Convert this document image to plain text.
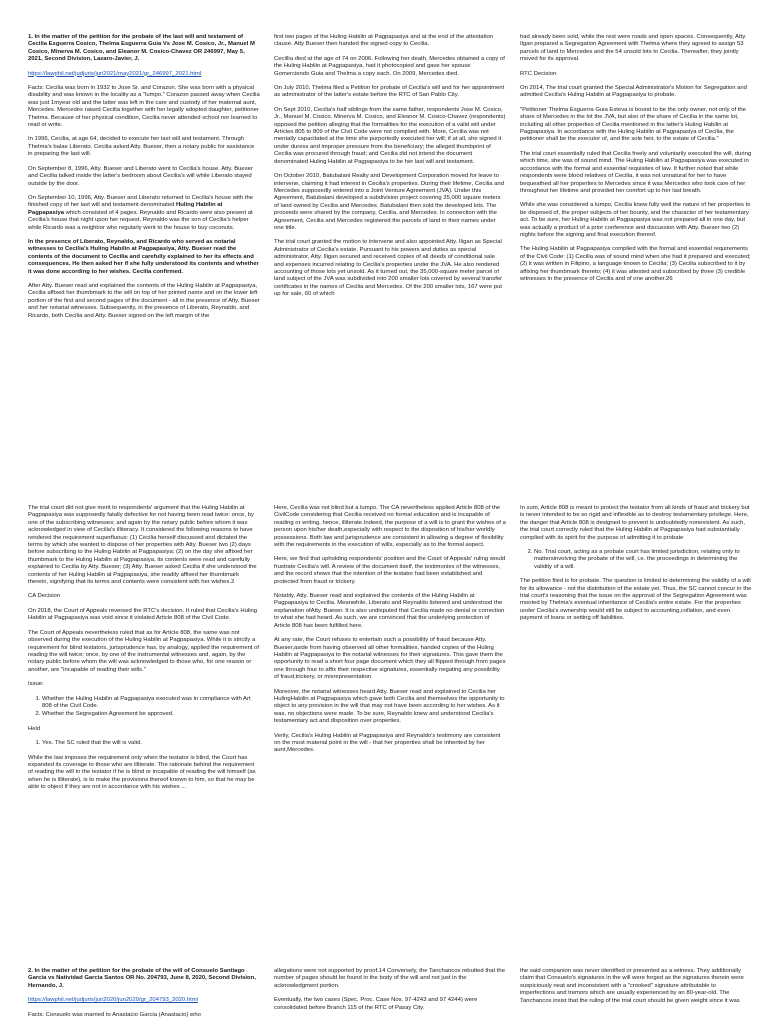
1. In the matter of the petition for the probate of the last will and testament of Cecilia Esguerra Cosico, Thelma Esguerra Guia Vs Jose M. Cosico, Jr., Manuel M Cosico, Minerva M. Cosico, and Eleanor M. Cosico-Chavez OR 246997, May 5, 2021, Second Division, Lazaro-Javier, J.

https://lawphil.net/judjuris/juri2021/may2021/gr_246997_2021.html

Facts: Cecilia was born in 1932 to Jose Sr. and Corazon. She was born with a physical disability and was known in the locality as a "lumpo." Corazon passed away when Cecilia was just 1myear old and the latter was left in the care and custody of her maternal aunt, Mercedes. Mercedes raised Cecilia together with her legally adopted daughter, petitioner Thelma. Because of her physical condition, Cecilia never attended school nor learned to read or write.

In 1996, Cecilia, at age 64, decided to execute her last will and testament. Through Thelma's balae Liberato. Cecilia asked Atty. Bueser, then a notary public for assistance in preparing the last will.

On September 8, 1996, Atty. Bueser and Liberato went to Cecilia's house. Atty. Bueser and Cecilia talked inside the latter's bedroom about Cecilia's will while Liberato stayed outside by the door.

On September 10, 1996, Atty. Bueser and Liberato returned to Cecilia's house with the finished copy of her last will and testament denominated Huling Habilin at Pagpapasiya which consisted of 4 pages. Reynaldo and Ricardo were also present at Cecilia's house that night upon her request. Reynaldo was the son of Cecilia's helper while Ricardo was a neighbor who regularly went to the house to buy coconuts.

In the presence of Liberato, Reynaldo, and Ricardo who served as notarial witnesses to Cecilia's Huling Habilin at Pagpapasiya, Atty. Bueser read the contents of the document to Cecilia and carefully explained to her its effects and consequences. He then asked her if she fully understood its contents and whether it was done according to her wishes. Cecilia confirmed.

After Atty. Bueser read and explained the contents of the Huling Habilin at Pagpapasiya, Cecilia affixed her thumbmark to the will on top of her printed name and on the lower left portion of the first and second pages of the document - all in the presence of Atty. Bueser and her notarial witnesses. Subsequently, in the presence of Liberato, Reynaldo, and Ricardo, both Cecilia and Atty. Bueser signed on the left margin of the

first two pages of the Huling Habilin at Pagpapasiya and at the end of the attestation clause. Atty Bueser then handed the signed copy to Cecilia.

Cecillia died at the age of 74 on 2006. Following her death, Mercedes obtained a copy of the Huling Habilin at Pagpapasiya, had it photocopied and gave her spouse Gomerciendo Guia and Thelma a copy each. On 2009, Mercedes died.

On July 2010, Thelma filed a Petition for probate of Cecilia's will and for her appointment as administrator of the latter's estate before the RTC of San Pablo City.

On Sept 2010, Cecilia's half siblings from the same father, respondents Jose M. Cosico, Jr., Manuel M. Cosico, Minerva M. Cosico, and Eleanor M. Cosico-Chavez (respondents) opposed the petition alleging that the formalities for the execution of a valid will under Articles 805 to 809 of the Civil Code were not complied with. More, Cecilia was not mentally capacitated at the time she purportedly executed her will; if at all, she signed it under duress and improper pressure from the beneficiary; the alleged thumbprint of Cecilia was procured through fraud; and Cecilia did not intend the document denominated Huling Habilin at Pagpapasiya to be her last will and testament.

On October 2010, Batubalani Realty and Development Corporation moved for leave to intervene, claiming it had interest in Cecilia's properties. During their lifetime, Cecilia and Mercedes supposedly entered into a Joint Venture Agreement (JVA). Under this Agreement, Batubalani developed a subdivision project covering 35,000 square meters of land owned by Cecilia and Mercedes. Batubalani then sold the developed lots. The proceeds were shared by the company, Cecilia, and Mercedes. In connection with the Agreement, Cecilia and Mercedes registered the parcels of land in their names under one title.

The trial court granted the motion to intervene and also appointed Atty. Iligan as Special Administrator of Cecilia's estate. Pursuant to his powers and duties as special administrator, Atty. Iligan secured and received copies of all deeds of conditional sale and expenses incurred relating to Cecilia's properties under the JVA. He also rendered accounting of those lots yet unsold. As it turned out, the 35,000-square meter parcel of land subject of the JVA was subdivided into 200 smaller lots covered by several transfer certificates in the names of Cecilia and Mercedes. Of the 200 smaller lots, 167 were put up for sale, 60 of which

had already been sold, while the rest were roads and open spaces. Consequently, Atty. Ilgan prepared a Segregation Agreement with Thelma where they agreed to assign 53 parcels of land to Mercedes and the 54 unsold lots to Cecilia. Thereafter, they jointly moved for its approval.

RTC Decision

On 2014, The trial court granted the Special Administrator's Motion for Segregation and admitted Cecilia's Huling Habilin at Pagpapasiya to probate.

"Petitioner Thelma Esguerra Guia Esteva is bound to be the only owner, not only of the share of Mercedes in the lot the JVA, but also of the share of Cecilia in the same lot, including all other properties of Cecilia mentioned in the latter's Huling Habilin at Pagpapasiya. In accordance with the Huling Habilin at Pagpapasiya of Cecilia, the petitioner shall be the executor of, and the sole heir, to the estate of Cecilia."

The trial court essentially ruled that Cecilia freely and voluntarily executed the will, during which time, she was of sound mind. The Huling Habilin at Pagpapasiya was executed in accordance with the formal and essential requisites of law. It further noted that while respondents were blood relatives of Cecilia, it was not unnatural for her to have bequeathed all her properties to Mercedes since it was Mercedes who took care of her throughout her lifetime and provided her comfort up to her last breath.

While she was considered a lumpo, Cecilia knew fully well the nature of her properties to be disposed of, the proper subjects of her bounty, and the character of her testamentary act. To be sure, her Huling Habilin at Pagpapasiya was not prepared all in one day, but was actually a product of a prior conference and discussion with Atty. Bueser two (2) nights before the signing and final execution thereof.

The Huling Habilin at Pagpapasiya complied with the formal and essential requirements of the Civil Code: (1) Cecilia was of sound mind when she had it prepared and executed; (2) it was written in Filipino, a language known to Cecilia; (3) Cecilia subscribed to it by affixing her thumbmark thereto; (4) it was attested and subscribed by three (3) credible witnesses in the presence of Cecilia and of one another.26

The trial court did not give merit to respondents' argument that the Huling Habilin at Pagpapasiya was supposedly fatally defective for not having been read twice: once, by one of the subscribing witnesses; and again by the notary public before whom it was acknowledged in view of Cecilia's illiteracy. It considered the following reasons to have rendered the requirement superfluous: (1) Cecilia herself discussed and dictated the terms by which she wanted to dispose of her properties with Atty. Bueser two (2) days before subscribing to the Huling Habilin at Pagpapasiya; (2) on the day she affixed her thumbmark to the Huling Habilin at Pagpapasiya, its contents were read and carefully explained to Cecilia by Atty. Bueser; (3) Atty. Bueser asked Cecilia if she understood the contents of her Huling Habilin at Pagpapasiya, she readily affixed her thumbmark thereto, signifying that its terms and contents were consistent with her wishes.2

CA Decision

On 2018, the Court of Appeals reversed the RTC's decision. It ruled that Cecilia's Huling Habilin at Pagpapasiya was void since it violated Article 808 of the Civil Code.

The Court of Appeals nevertheless ruled that as for Article 808, the same was not observed during the execution of the Huling Habilin at Pagpapasiya. While it is strictly a requirement for blind testators, jurisprudence has, by analogy, applied the requirement of reading the will twice: once, by one of the instrumental witnesses and, again, by the notary public before whom the will was acknowledged to those who, for one reason or another, are "incapable of reading their wills."

Issue:

1. Whether the Huling Habilin at Pagpapasiya executed was in compliance with Art 808 of the Civil Code.
2. Whether the Segregation Agreement be approved.

Held

1. Yes. The SC ruled that the will is valid.

While the law imposes the requirement only when the testator is blind, the Court has expanded its coverage to those who are illiterate. The rationale behind the requirement of reading the will to the testator if he is blind or incapable of reading the will himself (as when he is illiterate), is to make the provisions thereof known to him, so that he may be able to object if they are not in accordance with his wishes ...

Here, Cecilia was not blind but a lumpo. The CA nevertheless applied Article 808 of the CivilCode considering that Cecilia received no formal education and is incapable of reading or writing, hence, illiterate.Indeed, the purpose of a will is to grant the wishes of a person upon his/her death,especially with respect to the disposition of his/her worldly possessions. Both law and jurisprudence are consistent in allowing a degree of flexibility with the requirements in the execution of wills, especially as to the formal aspect.

Here, we find that upholding respondents' position and the Court of Appeals' ruling would frustrate Cecilia's will. A review of the document itself, the testimonies of the witnesses, and the record shows that the intention of the testator had been established and protected from fraud or trickery.

Notably, Atty. Bueser read and explained the contents of the Huling Habilin at Pagpapasiya to Cecilia. Meanwhile, Liberato and Reynaldo listened and understood the explanation ofAtty. Bueser. It is also undisputed that Cecilia made no denial or correction to what she had heard. As such, we are convinced that the underlying protection of Article 808 has been fulfilled here.

At any rate, the Court refuses to entertain such a possibility of fraud because Atty. Bueser,aside from having observed all other formalities, handed copies of the Huling Habilin at Pagpapasiya to the notarial witnesses for their signatures. This gave them the opportunity to read a short four page document which they all flipped through from pages one through four to affix their respective signatures, essentially negating any possibility of fraud,trickery, or misrepresentation.

Moreover, the notarial witnesses heard Atty. Bueser read and explained to Cecilia her HulingHabilin at Pagpapasiya which gave both Cecilia and themselves the opportunity to object to any provision in the will that may not have been according to her wishes. As it was, no objections were made. To be sure, Reynaldo knew and understood Cecilia's testamentary act and disposition over properties.

Verily, Cecilia's Huling Habilin at Pagpapasiya and Reynaldo's testimony are consistent on the most material point in the will - that her properties shall be inherited by her aunt,Mercedes.

In sum, Article 808 is meant to protect the testator from all kinds of fraud and trickery but is never intended to be so rigid and inflexible as to destroy testamentary privilege. Here, the danger that Article 808 is designed to prevent is undoubtedly nonexistent. As such, the trial court correctly ruled that the Huling Habilin at Pagpapasiya had substantially complied with its spirit for the purpose of admitting it to probate

2. No. Trial court, acting as a probate court has limited jurisdiction, relating only to mattersinvolving the probate of the will, i.e. the proceedings in determining the validity of a will.

The petition filed is for probate. The question is limited to determining the validity of a will for its allowance - not the distribution of the estate yet. Thus, the SC cannot concur in the trial court's reasoning that the issue on the approval of the Segregation Agreement was mooted by Thelma's eventual inheritance of Cecilia's entire estate. For the properties under Cecilia's ownership would still be subject to accounting,collation, and even payment of loans or setting off liabilities.

2. In the matter of the petition for the probate of the will of Consuelo Santiago Garcia vs Natividad Garcia Santos OR No. 204793, June 8, 2020, Second Division, Hernando, J.

https://lawphil.net/judjuris/juri2020/jun2020/gr_204793_2020.html

Facts: Consuelo was married to Anastacio Garcia (Anastacio) who

allegations were not supported by proof.14 Conversely, the Tanchancos rebutted that the number of pages should be found in the body of the will and not just in the acknowledgment portion.

Eventually, the two cases (Spec. Proc. Case Nos. 97-4243 and 97 4244) were consolidated before Branch 115 of the RTC of Pasay City.

the said companion was never identified or presented as a witness. They additionally claim that Consuelo's signatures in the will were forged as the signatures therein were suspiciously neat and inconsistent with a "crooked" signature attributable to imperfections and tremors which are usually experienced by an 80-year-old. The Tanchancos insist that the ruling of the trial court should be given weight since it was
